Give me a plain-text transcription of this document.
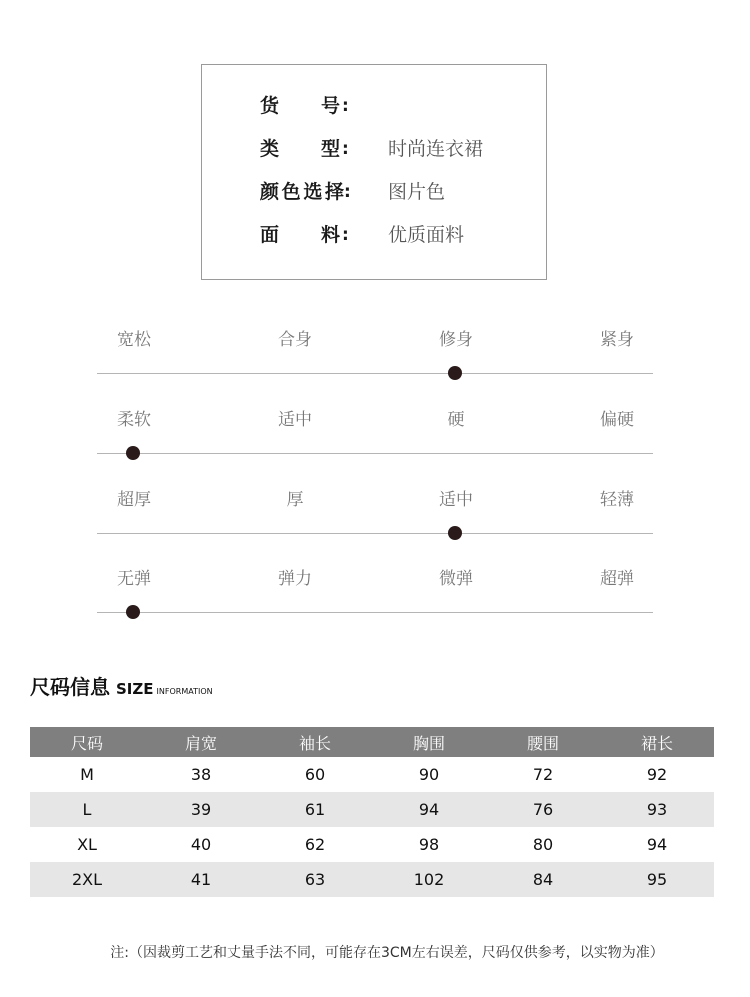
货 号 :
类 型 : 时尚连衣裙
颜 色 选 择 : 图片色
面 料 : 优质面料
宽松	合身	修身	紧身
柔软	适中	硬	偏硬
超厚	厚	适中	轻薄
无弹	弹力	微弹	超弹
尺码信息 SIZE INFORMATION
尺码	肩宽	袖长	胸围	腰围	裙长
M	38	60	90	72	92
L	39	61	94	76	93
XL	40	62	98	80	94
2XL	41	63	102	84	95
注:（因裁剪工艺和丈量手法不同，可能存在3CM左右误差，尺码仅供参考，以实物为准）
